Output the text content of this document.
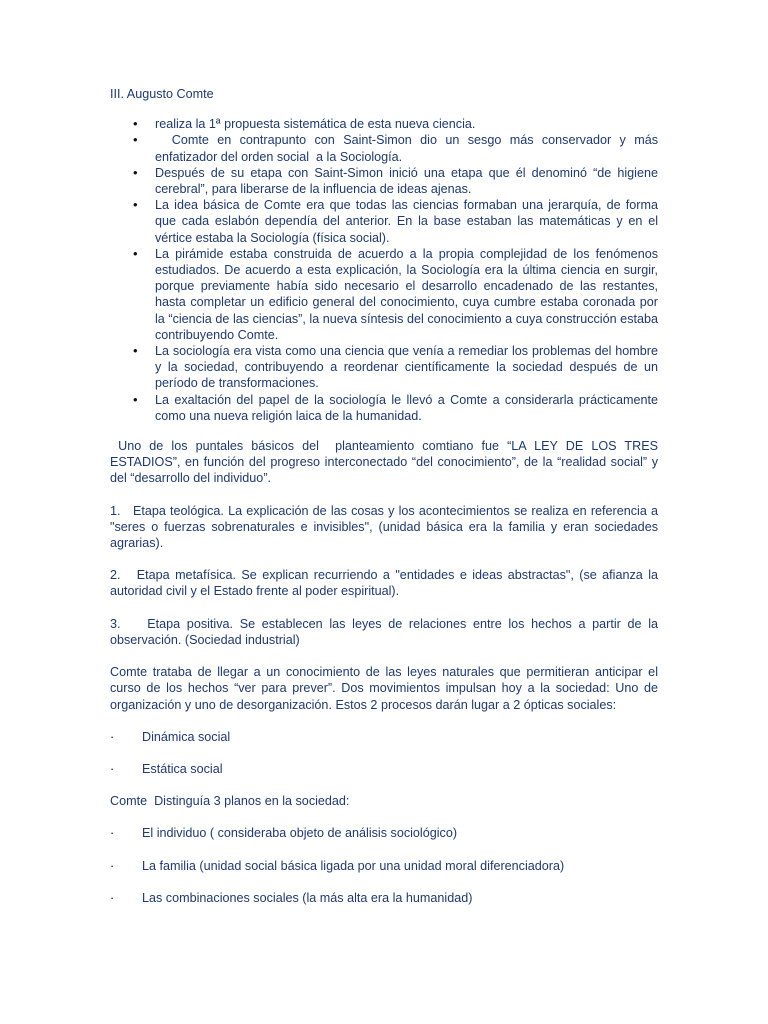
III. Augusto Comte
• realiza la 1ª propuesta sistemática de esta nueva ciencia.
• Comte en contrapunto con Saint-Simon dio un sesgo más conservador y más enfatizador del orden social  a la Sociología.
• Después de su etapa con Saint-Simon inició una etapa que él denominó “de higiene cerebral”, para liberarse de la influencia de ideas ajenas.
• La idea básica de Comte era que todas las ciencias formaban una jerarquía, de forma que cada eslabón dependía del anterior. En la base estaban las matemáticas y en el vértice estaba la Sociología (física social).
• La pirámide estaba construida de acuerdo a la propia complejidad de los fenómenos estudiados. De acuerdo a esta explicación, la Sociología era la última ciencia en surgir, porque previamente había sido necesario el desarrollo encadenado de las restantes, hasta completar un edificio general del conocimiento, cuya cumbre estaba coronada por la “ciencia de las ciencias”, la nueva síntesis del conocimiento a cuya construcción estaba contribuyendo Comte.
• La sociología era vista como una ciencia que venía a remediar los problemas del hombre y la sociedad, contribuyendo a reordenar científicamente la sociedad después de un período de transformaciones.
• La exaltación del papel de la sociología le llevó a Comte a considerarla prácticamente como una nueva religión laica de la humanidad.

Uno de los puntales básicos del  planteamiento comtiano fue “LA LEY DE LOS TRES ESTADIOS”, en función del progreso interconectado “del conocimiento”, de la “realidad social” y del “desarrollo del individuo”.

1.   Etapa teológica. La explicación de las cosas y los acontecimientos se realiza en referencia a "seres o fuerzas sobrenaturales e invisibles", (unidad básica era la familia y eran sociedades agrarias).

2.   Etapa metafísica. Se explican recurriendo a "entidades e ideas abstractas", (se afianza la autoridad civil y el Estado frente al poder espiritual).

3.    Etapa positiva. Se establecen las leyes de relaciones entre los hechos a partir de la observación. (Sociedad industrial)

Comte trataba de llegar a un conocimiento de las leyes naturales que permitieran anticipar el curso de los hechos “ver para prever”. Dos movimientos impulsan hoy a la sociedad: Uno de organización y uno de desorganización. Estos 2 procesos darán lugar a 2 ópticas sociales:

· Dinámica social
· Estática social

Comte  Distinguía 3 planos en la sociedad:

· El individuo ( consideraba objeto de análisis sociológico)
· La familia (unidad social básica ligada por una unidad moral diferenciadora)
· Las combinaciones sociales (la más alta era la humanidad)
